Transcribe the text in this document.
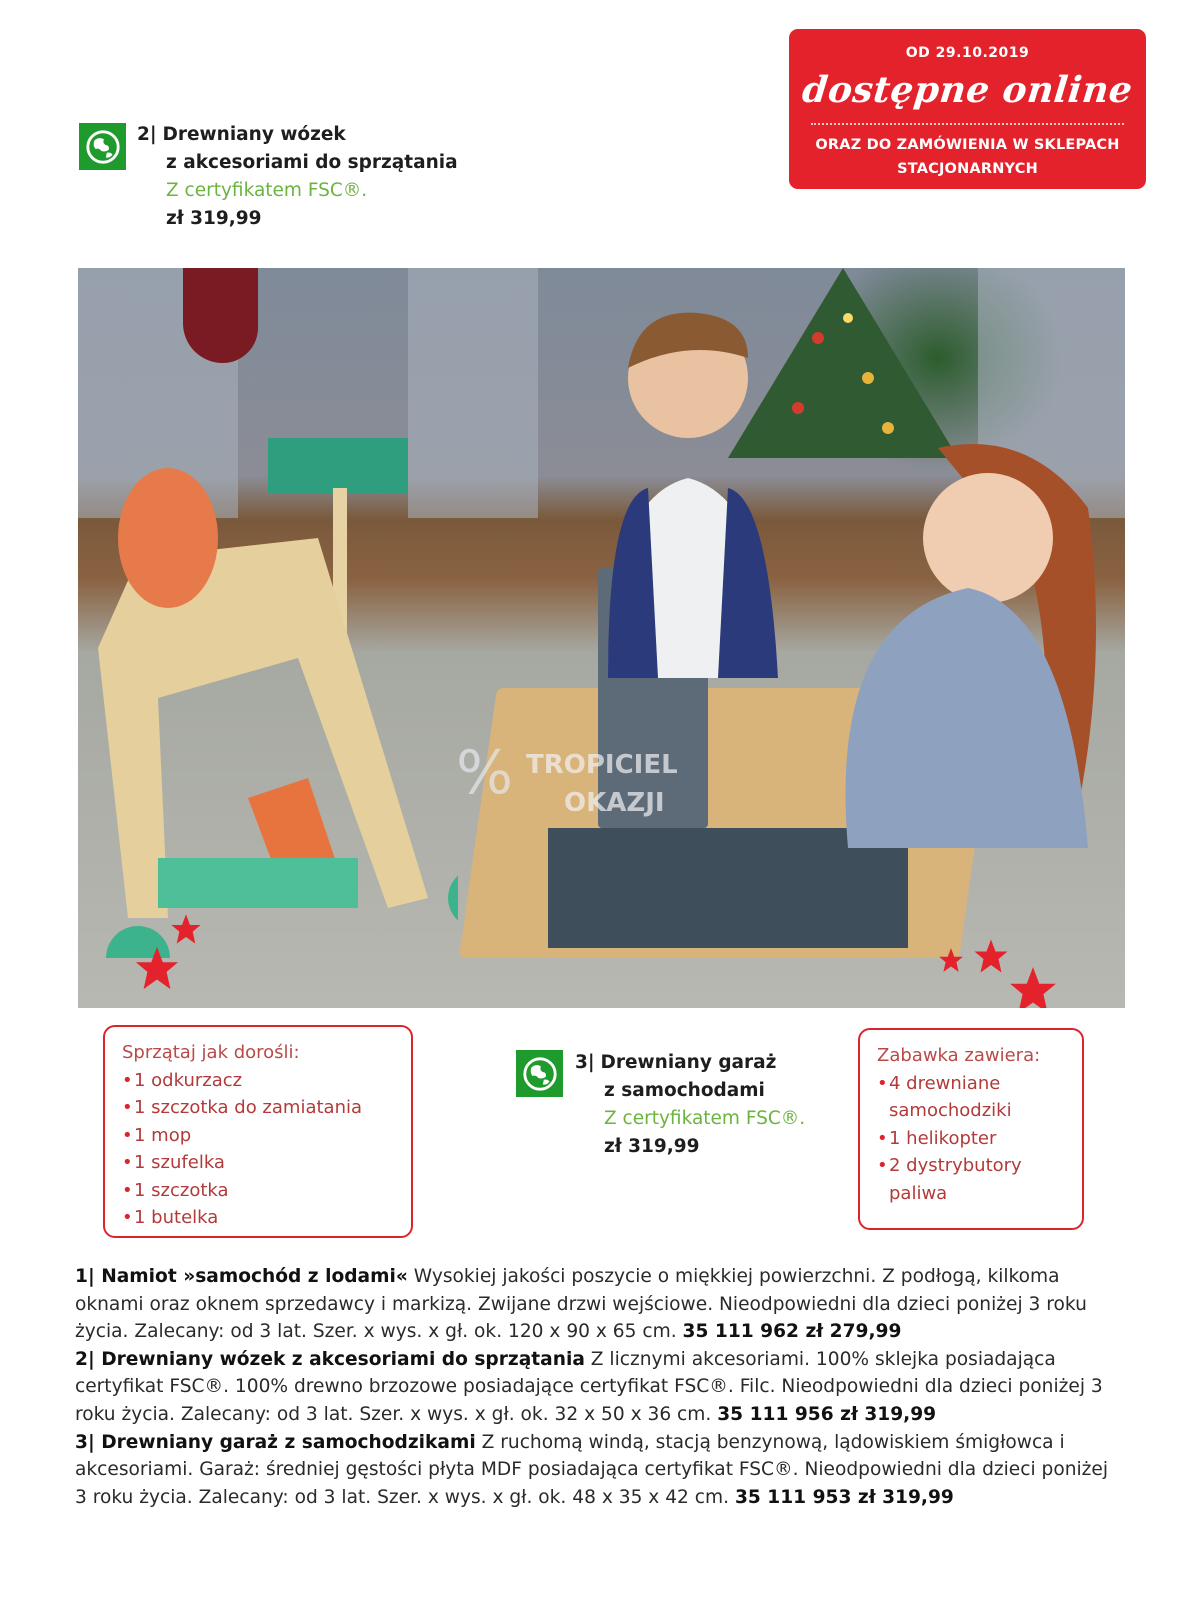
OD 29.10.2019
dostępne online
ORAZ DO ZAMÓWIENIA W SKLEPACH
STACJONARNYCH
2| Drewniany wózek
z akcesoriami do sprzątania
Z certyfikatem FSC®.
zł 319,99
% TROPICIEL
OKAZJI
Sprzątaj jak dorośli:
• 1 odkurzacz
• 1 szczotka do zamiatania
• 1 mop
• 1 szufelka
• 1 szczotka
• 1 butelka
3| Drewniany garaż
z samochodami
Z certyfikatem FSC®.
zł 319,99
Zabawka zawiera:
• 4 drewniane
samochodziki
• 1 helikopter
• 2 dystrybutory
paliwa

1| Namiot »samochód z lodami« Wysokiej jakości poszycie o miękkiej powierzchni. Z podłogą, kilkoma oknami oraz oknem sprzedawcy i markizą. Zwijane drzwi wejściowe. Nieodpowiedni dla dzieci poniżej 3 roku życia. Zalecany: od 3 lat. Szer. x wys. x gł. ok. 120 x 90 x 65 cm. 35 111 962 zł 279,99

2| Drewniany wózek z akcesoriami do sprzątania Z licznymi akcesoriami. 100% sklejka posiadająca certyfikat FSC®. 100% drewno brzozowe posiadające certyfikat FSC®. Filc. Nieodpowiedni dla dzieci poniżej 3 roku życia. Zalecany: od 3 lat. Szer. x wys. x gł. ok. 32 x 50 x 36 cm. 35 111 956 zł 319,99

3| Drewniany garaż z samochodzikami Z ruchomą windą, stacją benzynową, lądowiskiem śmigłowca i akcesoriami. Garaż: średniej gęstości płyta MDF posiadająca certyfikat FSC®. Nieodpowiedni dla dzieci poniżej 3 roku życia. Zalecany: od 3 lat. Szer. x wys. x gł. ok. 48 x 35 x 42 cm. 35 111 953 zł 319,99
